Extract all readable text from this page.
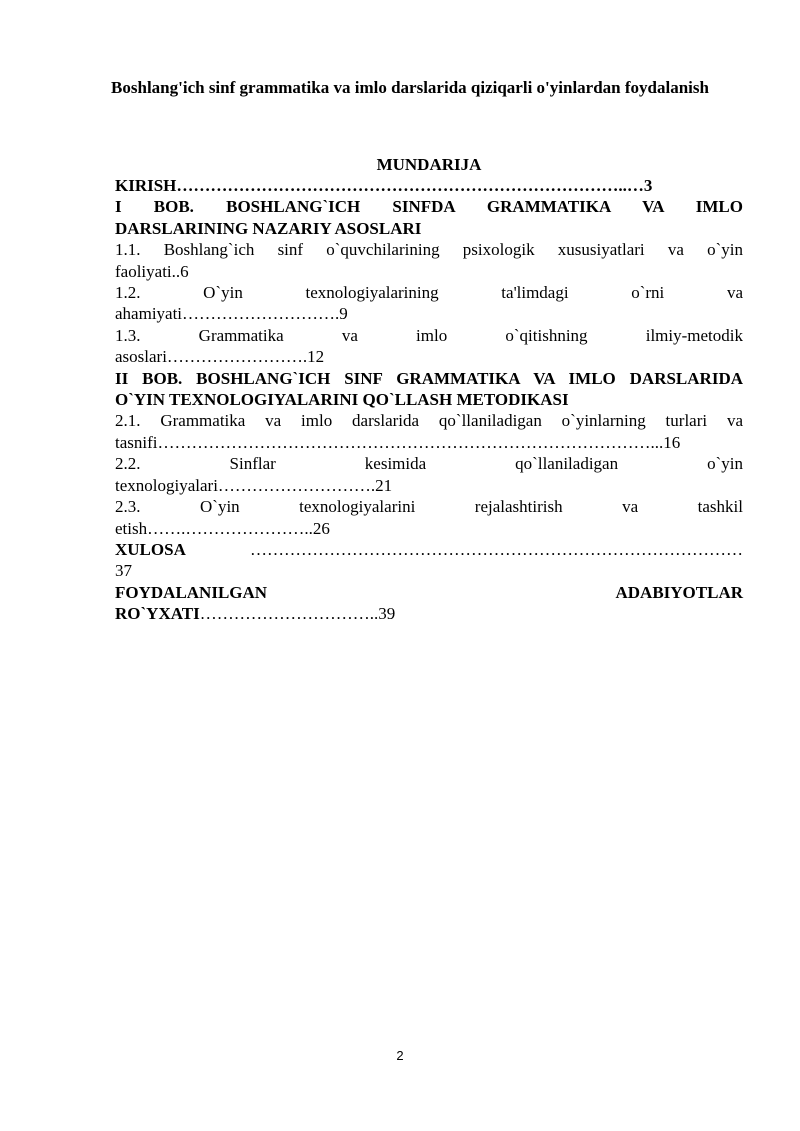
Boshlang'ich sinf grammatika va imlo darslarida qiziqarli o'yinlardan foydalanish
MUNDARIJA

KIRISH……………………………………………………………………..…3

I BOB. BOSHLANG`ICH SINFDA GRAMMATIKA VA IMLO

DARSLARINING NAZARIY ASOSLARI

1.1. Boshlang`ich sinf o`quvchilarining psixologik xususiyatlari va o`yin

faoliyati..6

1.2. O`yin texnologiyalarining ta'limdagi o`rni va

ahamiyati……………………….9

1.3. Grammatika va imlo o`qitishning ilmiy-metodik

asoslari…………………….12

II BOB. BOSHLANG`ICH SINF GRAMMATIKA VA IMLO DARSLARIDA

O`YIN TEXNOLOGIYALARINI QO`LLASH METODIKASI

2.1. Grammatika va imlo darslarida qo`llaniladigan o`yinlarning turlari va

tasnifi……………………………………………………………………………...16

2.2. Sinflar kesimida qo`llaniladigan o`yin

texnologiyalari……………………….21

2.3. O`yin texnologiyalarini rejalashtirish va tashkil

etish…….…………………..26

XULOSA ……………………………………………………………………………

37

FOYDALANILGAN ADABIYOTLAR

RO`YXATI…………………………..39

2
